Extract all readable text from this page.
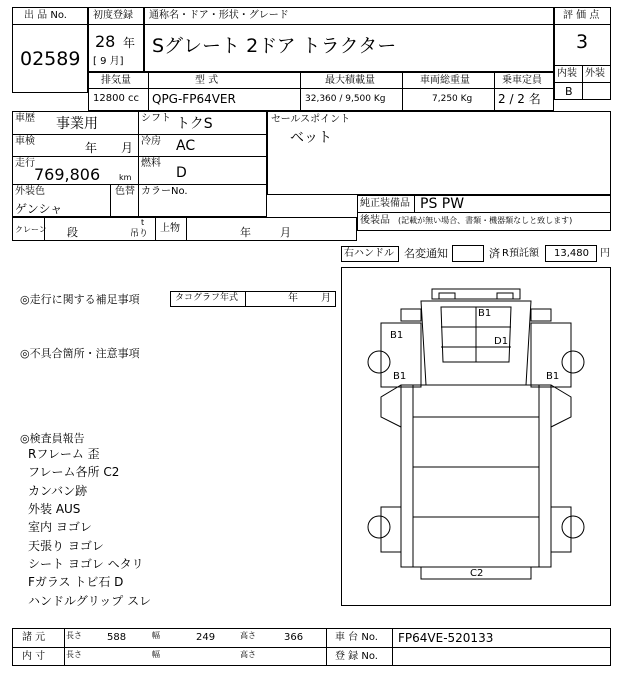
出 品 No.
02589
初度登録
28 年
[ 9 月]
通称名・ドア・形状・グレード
Sグレート 2ドア トラクター
評 価 点
3
内装 外装
B
排気量
12800 cc
型 式
QPG-FP64VER
最大積載量
32,360 / 9,500 Kg
車両総重量
7,250 Kg
乗車定員
2 / 2 名
車歴 事業用	シフト トクS
車検	年 月 冷房 AC
走行
769,806 km
燃料
D
外装色
ゲンシャ
色替 カラーNo.
セールスポイント
ベット
純正装備品 PS PW
後装品 (記載が無い場合、書類・機器類なしと致します)
クレーン 段
t
吊り 上物	年	月
右ハンドル 名変通知	済 R預託額 13,480 円
◎走行に関する補足事項	タコグラフ年式	年 月
◎不具合箇所・注意事項
◎検査員報告
Rフレーム 歪
フレーム各所 C2
カンバン跡
外装 AUS
室内 ヨゴレ
天張り ヨゴレ
シート ヨゴレ ヘタリ
Fガラス トビ石 D
ハンドルグリップ スレ
B1
B1
D1
B1	B1
C2
諸 元	長さ	588	幅	249	高さ	366	車 台 No. FP64VE-520133
内 寸	長さ	幅	高さ	登 録 No.
